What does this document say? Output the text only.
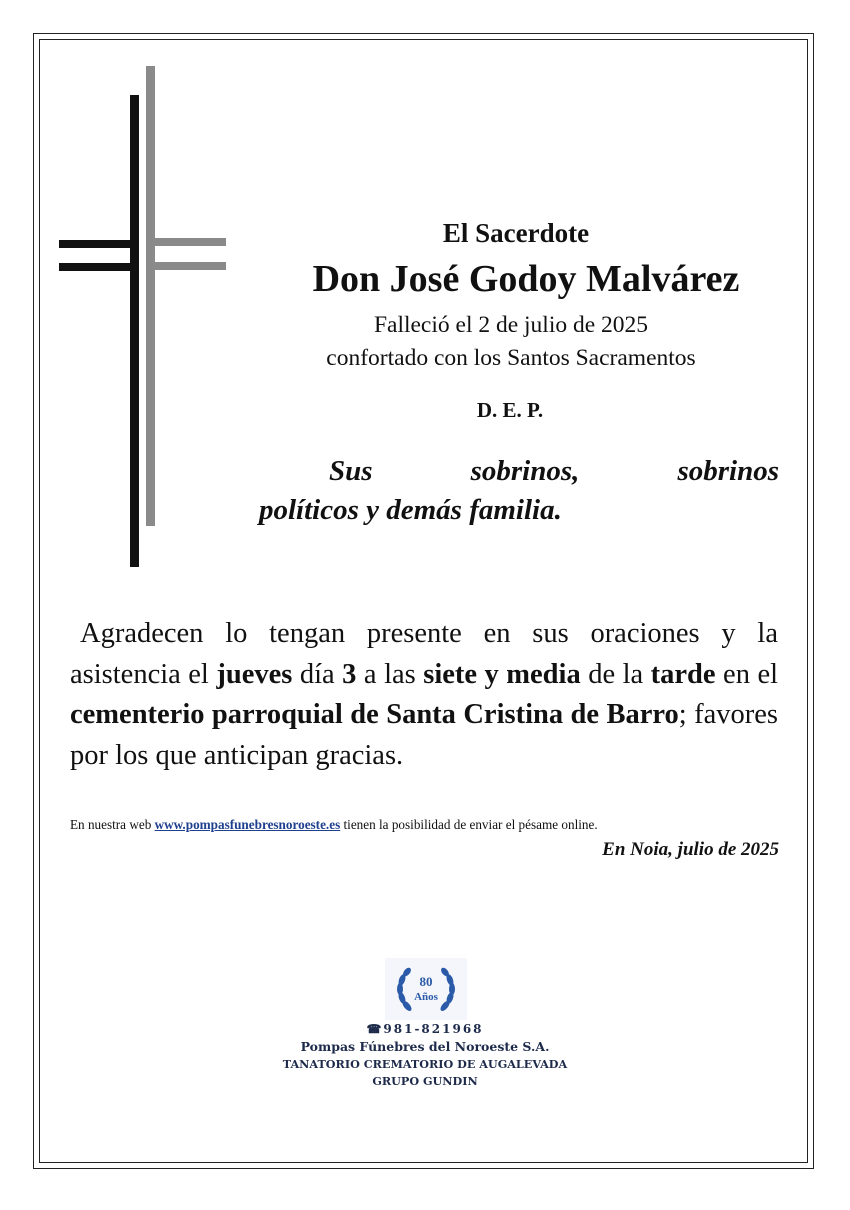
El Sacerdote
Don José Godoy Malvárez
Falleció el 2 de julio de 2025
confortado con los Santos Sacramentos
D. E. P.
Sus	sobrinos,	sobrinos
políticos y demás familia.

Agradecen lo tengan presente en sus oraciones y la asistencia el jueves día 3 a las siete y media de la tarde en el cementerio parroquial de Santa Cristina de Barro; favores por los que anticipan gracias.

En nuestra web www.pompasfunebresnoroeste.es tienen la posibilidad de enviar el pésame online.
En Noia, julio de 2025
80
Años
☎981-821968
Pompas Fúnebres del Noroeste S.A.
TANATORIO CREMATORIO DE AUGALEVADA
GRUPO GUNDIN
